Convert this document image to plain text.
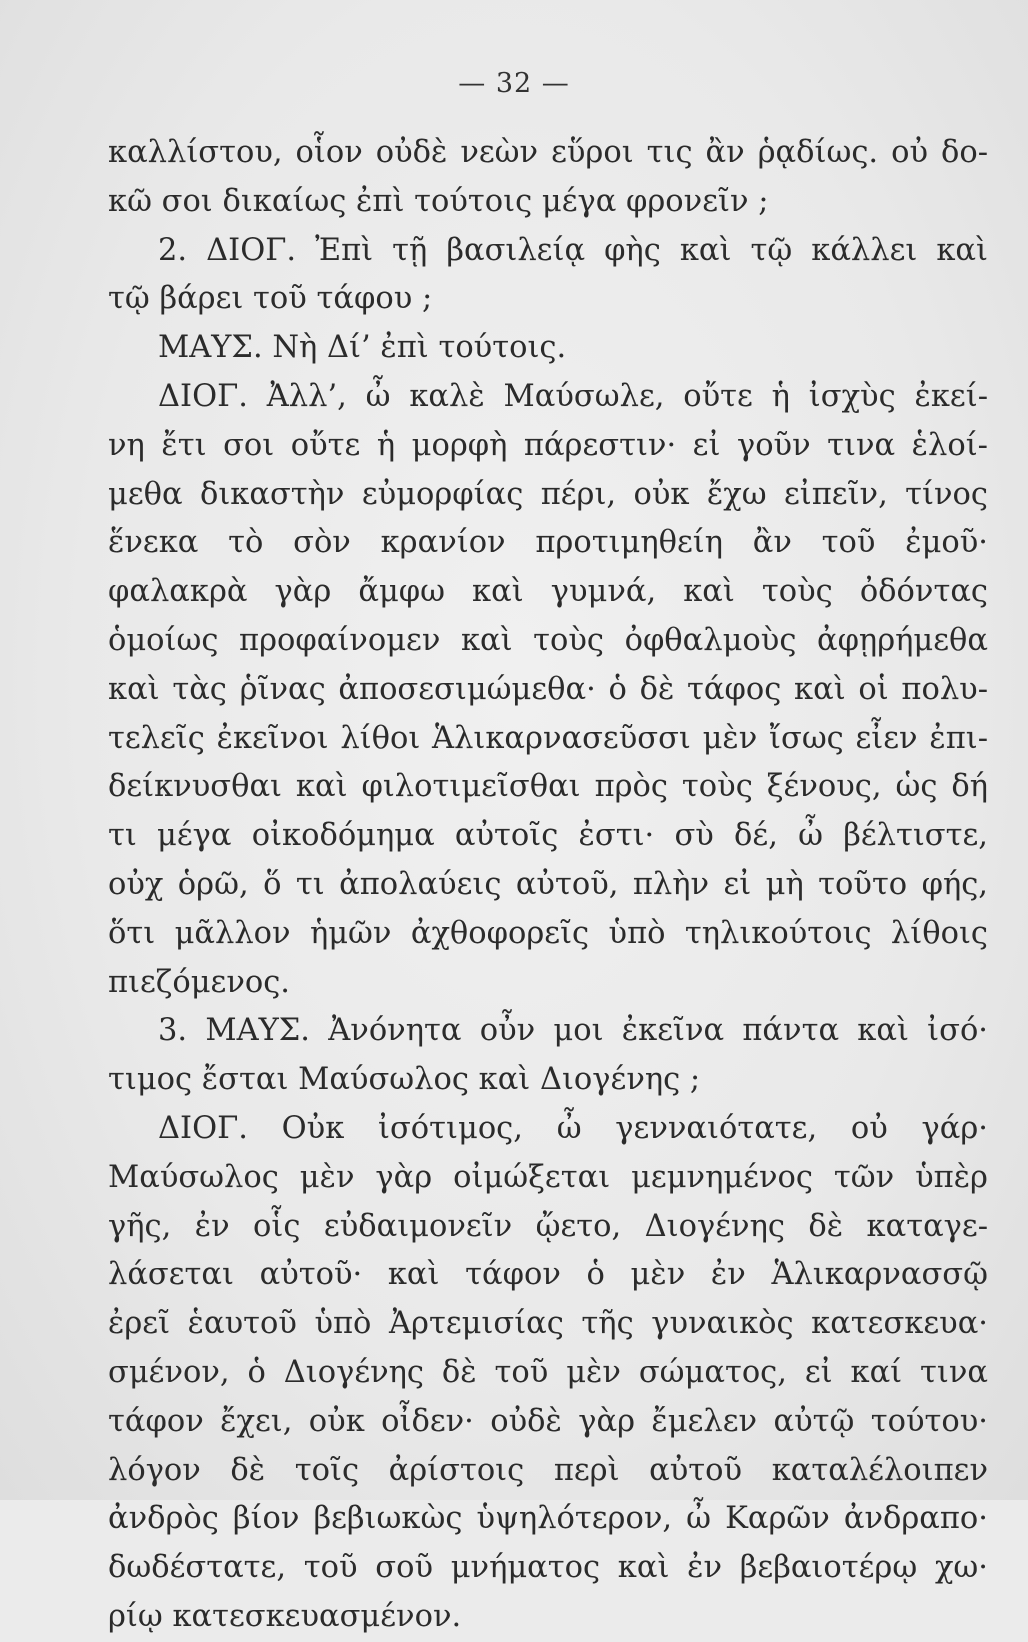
— 32 —
καλλίστου, οἷον οὐδὲ νεὼν εὕροι τις ἂν ῥᾳδίως. οὐ δο-
κῶ σοι δικαίως ἐπὶ τούτοις μέγα φρονεῖν ;
2. ΔΙΟΓ. Ἐπὶ τῇ βασιλείᾳ φὴς καὶ τῷ κάλλει καὶ
τῷ βάρει τοῦ τάφου ;
ΜΑΥΣ. Νὴ Δί’ ἐπὶ τούτοις.
ΔΙΟΓ. Ἀλλ’, ὦ καλὲ Μαύσωλε, οὔτε ἡ ἰσχὺς ἐκεί-
νη ἔτι σοι οὔτε ἡ μορφὴ πάρεστιν· εἰ γοῦν τινα ἑλοί-
μεθα δικαστὴν εὐμορφίας πέρι, οὐκ ἔχω εἰπεῖν, τίνος
ἕνεκα τὸ σὸν κρανίον προτιμηθείη ἂν τοῦ ἐμοῦ·
φαλακρὰ γὰρ ἄμφω καὶ γυμνά, καὶ τοὺς ὀδόντας
ὁμοίως προφαίνομεν καὶ τοὺς ὀφθαλμοὺς ἀφῃρήμεθα
καὶ τὰς ῥῖνας ἀποσεσιμώμεθα· ὁ δὲ τάφος καὶ οἱ πολυ-
τελεῖς ἐκεῖνοι λίθοι Ἁλικαρνασεῦσσι μὲν ἴσως εἶεν ἐπι-
δείκνυσθαι καὶ φιλοτιμεῖσθαι πρὸς τοὺς ξένους, ὡς δή
τι μέγα οἰκοδόμημα αὐτοῖς ἐστι· σὺ δέ, ὦ βέλτιστε,
οὐχ ὁρῶ, ὅ τι ἀπολαύεις αὐτοῦ, πλὴν εἰ μὴ τοῦτο φής,
ὅτι μᾶλλον ἡμῶν ἀχθοφορεῖς ὑπὸ τηλικούτοις λίθοις
πιεζόμενος.
3. ΜΑΥΣ. Ἀνόνητα οὖν μοι ἐκεῖνα πάντα καὶ ἰσό·
τιμος ἔσται Μαύσωλος καὶ Διογένης ;
ΔΙΟΓ. Οὐκ ἰσότιμος, ὦ γενναιότατε, οὐ γάρ·
Μαύσωλος μὲν γὰρ οἰμώξεται μεμνημένος τῶν ὑπὲρ
γῆς, ἐν οἷς εὐδαιμονεῖν ᾤετο, Διογένης δὲ καταγε-
λάσεται αὐτοῦ· καὶ τάφον ὁ μὲν ἐν Ἁλικαρνασσῷ
ἐρεῖ ἑαυτοῦ ὑπὸ Ἀρτεμισίας τῆς γυναικὸς κατεσκευα·
σμένον, ὁ Διογένης δὲ τοῦ μὲν σώματος, εἰ καί τινα
τάφον ἔχει, οὐκ οἶδεν· οὐδὲ γὰρ ἔμελεν αὐτῷ τούτου·
λόγον δὲ τοῖς ἀρίστοις περὶ αὐτοῦ καταλέλοιπεν
ἀνδρὸς βίον βεβιωκὼς ὑψηλότερον, ὦ Καρῶν ἀνδραπο·
δωδέστατε, τοῦ σοῦ μνήματος καὶ ἐν βεβαιοτέρῳ χω·
ρίῳ κατεσκευασμένον.
